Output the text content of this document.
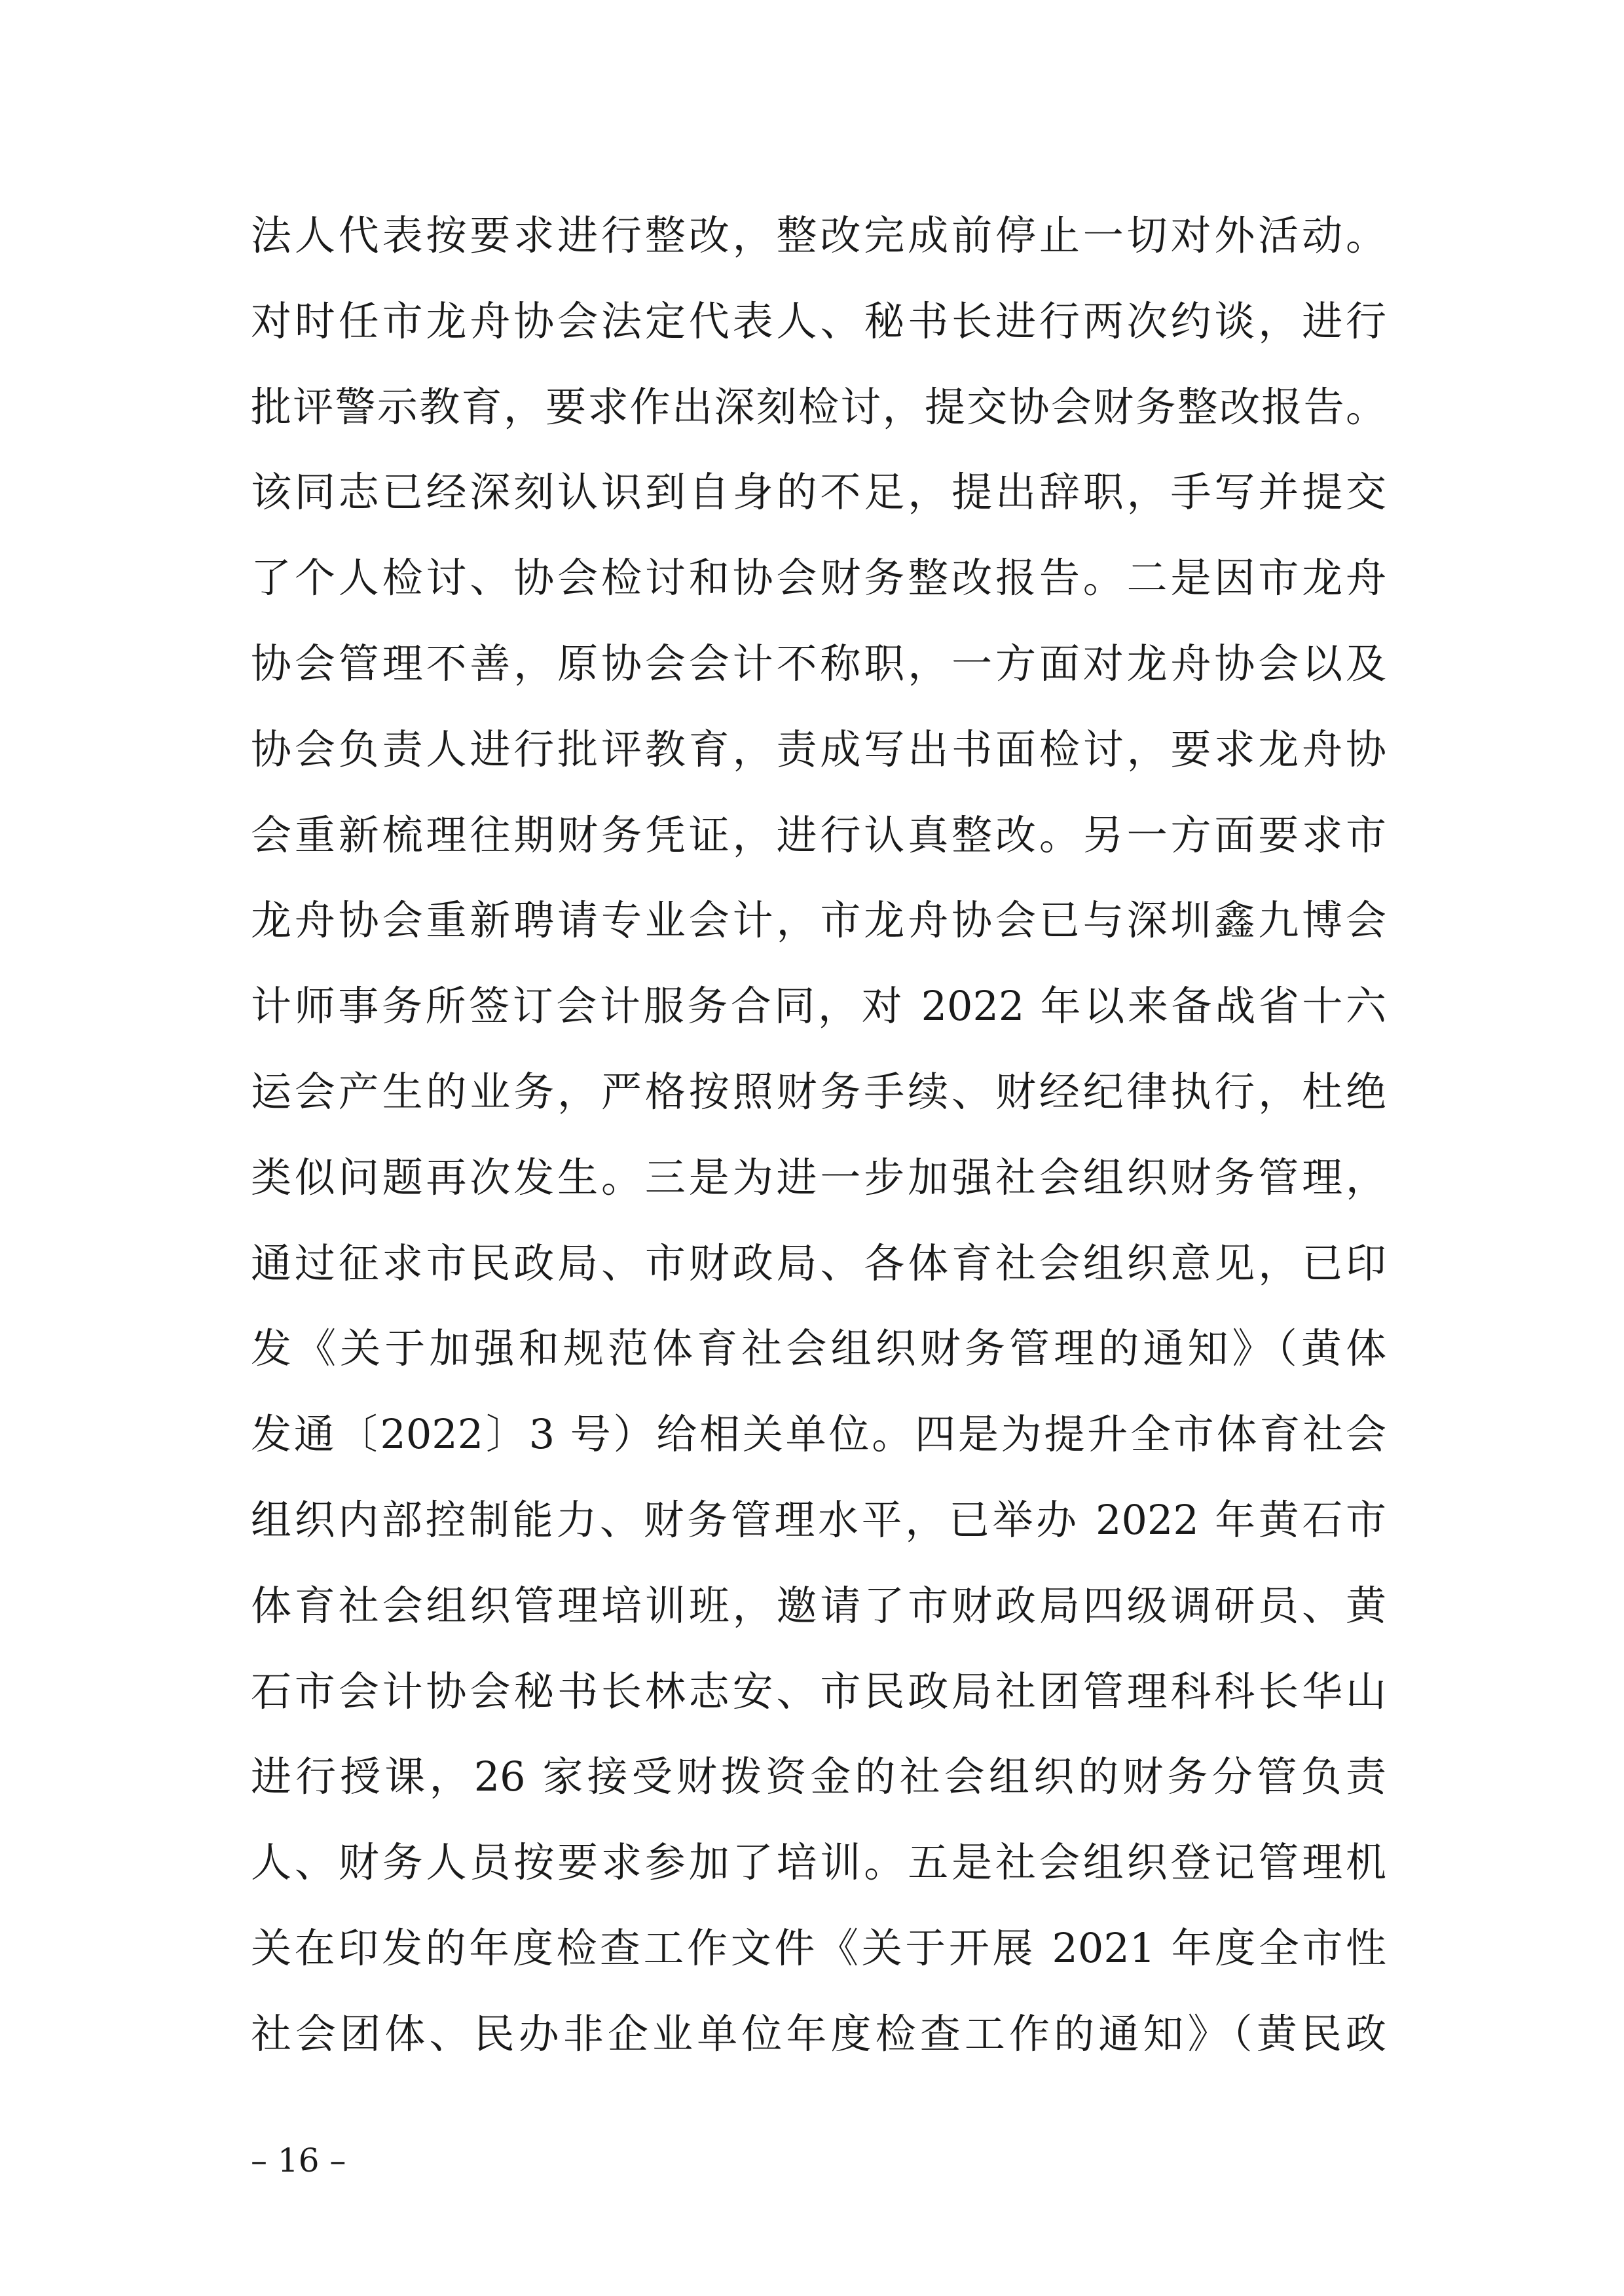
法人代表按要求进行整改，整改完成前停止一切对外活动。
对时任市龙舟协会法定代表人、秘书长进行两次约谈，进行
批评警示教育，要求作出深刻检讨，提交协会财务整改报告。
该同志已经深刻认识到自身的不足，提出辞职，手写并提交
了个人检讨、协会检讨和协会财务整改报告。二是因市龙舟
协会管理不善，原协会会计不称职，一方面对龙舟协会以及
协会负责人进行批评教育，责成写出书面检讨，要求龙舟协
会重新梳理往期财务凭证，进行认真整改。另一方面要求市
龙舟协会重新聘请专业会计，市龙舟协会已与深圳鑫九博会
计师事务所签订会计服务合同，对 2022 年以来备战省十六
运会产生的业务，严格按照财务手续、财经纪律执行，杜绝
类似问题再次发生。三是为进一步加强社会组织财务管理，
通过征求市民政局、市财政局、各体育社会组织意见，已印
发《关于加强和规范体育社会组织财务管理的通知》（黄体
发通〔2022〕3 号）给相关单位。四是为提升全市体育社会
组织内部控制能力、财务管理水平，已举办 2022 年黄石市
体育社会组织管理培训班，邀请了市财政局四级调研员、黄
石市会计协会秘书长林志安、市民政局社团管理科科长华山
进行授课，26 家接受财拨资金的社会组织的财务分管负责
人、财务人员按要求参加了培训。五是社会组织登记管理机
关在印发的年度检查工作文件《关于开展 2021 年度全市性
社会团体、民办非企业单位年度检查工作的通知》（黄民政
– 16 –
